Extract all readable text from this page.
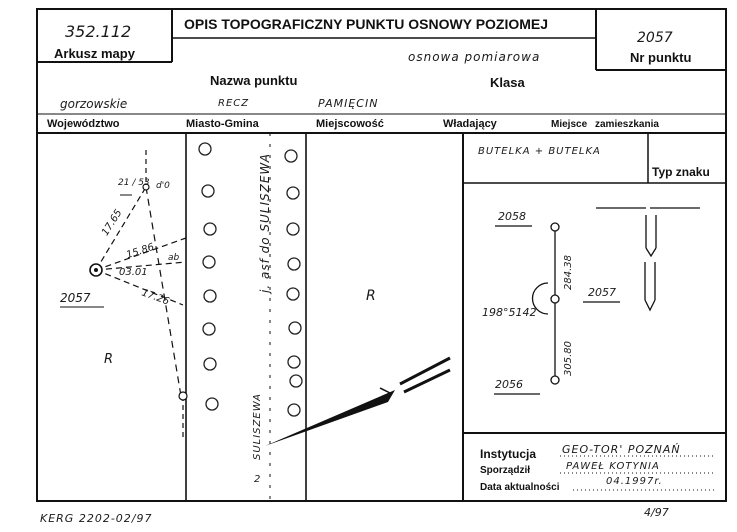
352.112
Arkusz mapy
OPIS TOPOGRAFICZNY PUNKTU OSNOWY POZIOMEJ
osnowa pomiarowa
2057
Nr punktu
Nazwa punktu	Klasa
gorzowskie	RECZ	PAMIĘCIN
Województwo	Miasto-Gmina	Miejscowość	Władający	Miejsce zamieszkania
21 / 53 d'0
17.65
15.86
03.01
17.26
ab
2057
R
R
j. asf do SULISZEWA
SULISZEWA
2
BUTELKA + BUTELKA
Typ znaku
2058
2057
2056
198°5142
284.38
305.80
Instytucja GEO-TOR' POZNAŃ
Sporządził	PAWEŁ KOTYNIA
Data aktualności
04.1997r.
KERG 2202-02/97	4/97
